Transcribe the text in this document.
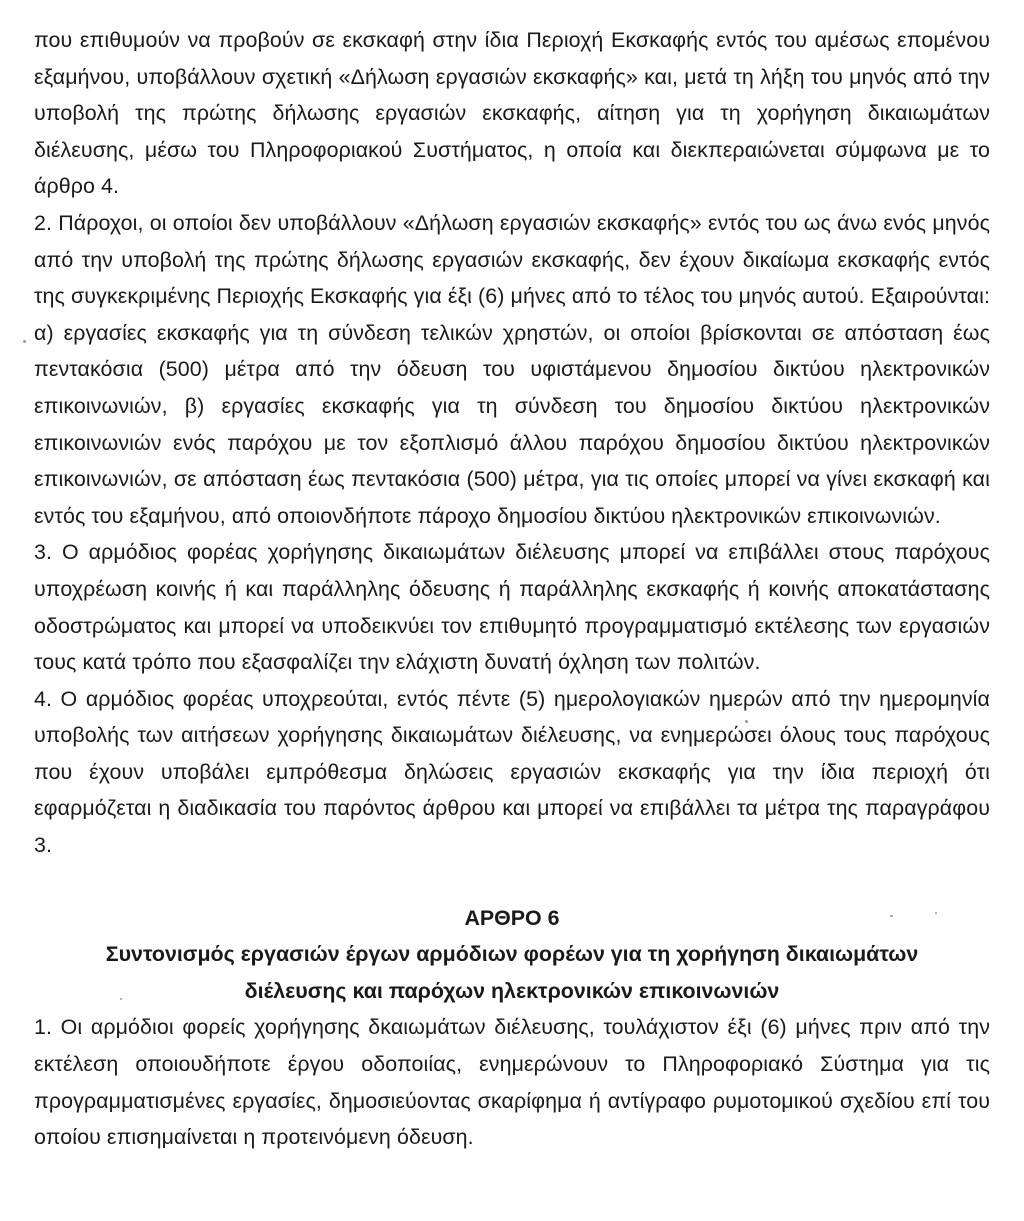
που επιθυμούν να προβούν σε εκσκαφή στην ίδια Περιοχή Εκσκαφής εντός του αμέσως επομένου εξαμήνου, υποβάλλουν σχετική «Δήλωση εργασιών εκσκαφής» και, μετά τη λήξη του μηνός από την υποβολή της πρώτης δήλωσης εργασιών εκσκαφής, αίτηση για τη χορήγηση δικαιωμάτων διέλευσης, μέσω του Πληροφοριακού Συστήματος, η οποία και διεκπεραιώνεται σύμφωνα με το άρθρο 4.

2. Πάροχοι, οι οποίοι δεν υποβάλλουν «Δήλωση εργασιών εκσκαφής» εντός του ως άνω ενός μηνός από την υποβολή της πρώτης δήλωσης εργασιών εκσκαφής, δεν έχουν δικαίωμα εκσκαφής εντός της συγκεκριμένης Περιοχής Εκσκαφής για έξι (6) μήνες από το τέλος του μηνός αυτού. Εξαιρούνται: α) εργασίες εκσκαφής για τη σύνδεση τελικών χρηστών, οι οποίοι βρίσκονται σε απόσταση έως πεντακόσια (500) μέτρα από την όδευση του υφιστάμενου δημοσίου δικτύου ηλεκτρονικών επικοινωνιών, β) εργασίες εκσκαφής για τη σύνδεση του δημοσίου δικτύου ηλεκτρονικών επικοινωνιών ενός παρόχου με τον εξοπλισμό άλλου παρόχου δημοσίου δικτύου ηλεκτρονικών επικοινωνιών, σε απόσταση έως πεντακόσια (500) μέτρα, για τις οποίες μπορεί να γίνει εκσκαφή και εντός του εξαμήνου, από οποιονδήποτε πάροχο δημοσίου δικτύου ηλεκτρονικών επικοινωνιών.

3. Ο αρμόδιος φορέας χορήγησης δικαιωμάτων διέλευσης μπορεί να επιβάλλει στους παρόχους υποχρέωση κοινής ή και παράλληλης όδευσης ή παράλληλης εκσκαφής ή κοινής αποκατάστασης οδοστρώματος και μπορεί να υποδεικνύει τον επιθυμητό προγραμματισμό εκτέλεσης των εργασιών τους κατά τρόπο που εξασφαλίζει την ελάχιστη δυνατή όχληση των πολιτών.

4. Ο αρμόδιος φορέας υποχρεούται, εντός πέντε (5) ημερολογιακών ημερών από την ημερομηνία υποβολής των αιτήσεων χορήγησης δικαιωμάτων διέλευσης, να ενημερώσει όλους τους παρόχους που έχουν υποβάλει εμπρόθεσμα δηλώσεις εργασιών εκσκαφής για την ίδια περιοχή ότι εφαρμόζεται η διαδικασία του παρόντος άρθρου και μπορεί να επιβάλλει τα μέτρα της παραγράφου 3.

ΑΡΘΡΟ 6

Συντονισμός εργασιών έργων αρμόδιων φορέων για τη χορήγηση δικαιωμάτων

διέλευσης και παρόχων ηλεκτρονικών επικοινωνιών

1. Οι αρμόδιοι φορείς χορήγησης δκαιωμάτων διέλευσης, τουλάχιστον έξι (6) μήνες πριν από την εκτέλεση οποιουδήποτε έργου οδοποιίας, ενημερώνουν το Πληροφοριακό Σύστημα για τις προγραμματισμένες εργασίες, δημοσιεύοντας σκαρίφημα ή αντίγραφο ρυμοτομικού σχεδίου επί του οποίου επισημαίνεται η προτεινόμενη όδευση.
